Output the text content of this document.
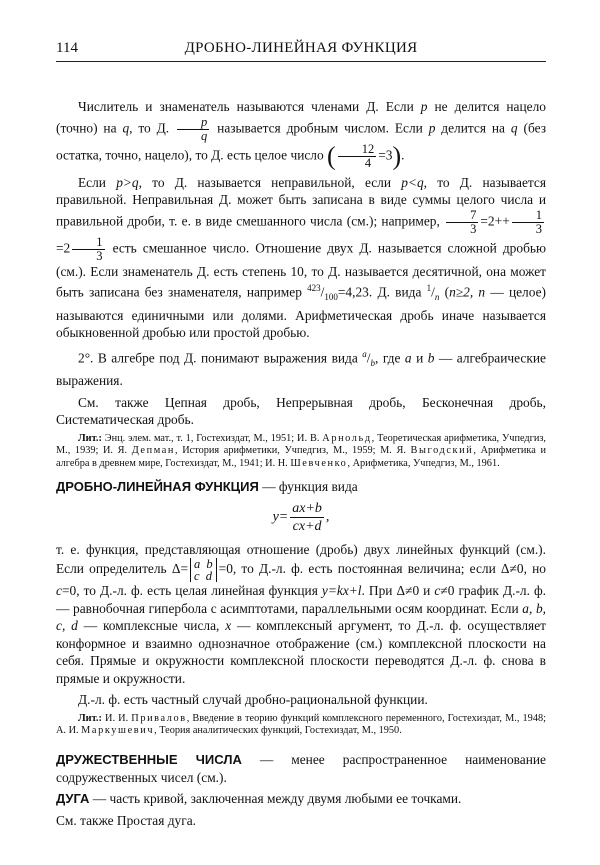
114	ДРОБНО-ЛИНЕЙНАЯ ФУНКЦИЯ

Числитель и знаменатель называются членами Д. Если p не делится нацело (точно) на q, то Д. $\frac{p}{q}$ называется дробным числом. Если p делится на q (без остатка, точно, нацело), то Д. есть целое число ( $\frac{12}{4} =3$).

Если p>q, то Д. называется неправильной, если p<q, то Д. называется правильной. Неправильная Д. может быть записана в виде суммы целого числа и правильной дроби, т. е. в виде смешанного числа (см.); например, $\frac{7}{3} =2++ \frac{1}{3}$
$=2 \frac{1}{3}$ есть смешанное число. Отношение двух Д. называется сложной дробью (см.). Если знаменатель Д. есть степень 10, то Д. называется десятичной, она может быть записана без знаменателя, например $^{423}/_{100}=4,23$. Д. вида $^1/_n$ (n≥2, n — целое) называются единичными или долями. Арифметическая дробь иначе называется обыкновенной дробью или простой дробью.

2°. В алгебре под Д. понимают выражения вида $^a/_b$, где a и b — алгебраические выражения.

См. также Цепная дробь, Непрерывная дробь, Бесконечная дробь, Систематическая дробь.

Лит.: Энц. элем. мат., т. 1, Гостехиздат, М., 1951; И. В. Арнольд, Теоретическая арифметика, Учпедгиз, М., 1939; И. Я. Депман, История арифметики, Учпедгиз, М., 1959; М. Я. Выгодский, Арифметика и алгебра в древнем мире, Гостехиздат, М., 1941; И. Н. Шевченко, Арифметика, Учпедгиз, М., 1961.

ДРОБНО-ЛИНЕЙНАЯ ФУНКЦИЯ — функция вида

$y= \frac{ax+b}{cx+d}$ ,

т. е. функция, представляющая отношение (дробь) двух линейных функций (см.). Если определитель Δ= a b
c d =0, то Д.-л. ф. есть постоянная величина; если Δ≠0, но c=0, то Д.-л. ф. есть целая линейная функция y=kx+l. При Δ≠0 и c≠0 график Д.-л. ф. — равнобочная гипербола с асимптотами, параллельными осям координат. Если a, b, c, d — комплексные числа, x — комплексный аргумент, то Д.-л. ф. осуществляет конформное и взаимно однозначное отображение (см.) комплексной плоскости на себя. Прямые и окружности комплексной плоскости переводятся Д.-л. ф. снова в прямые и окружности.

Д.-л. ф. есть частный случай дробно-рациональной функции.

Лит.: И. И. Привалов, Введение в теорию функций комплексного переменного, Гостехиздат, М., 1948; А. И. Маркушевич, Теория аналитических функций, Гостехиздат, М., 1950.

ДРУЖЕСТВЕННЫЕ ЧИСЛА — менее распространенное наименование содружественных чисел (см.).

ДУГА — часть кривой, заключенная между двумя любыми ее точками.

См. также Простая дуга.
